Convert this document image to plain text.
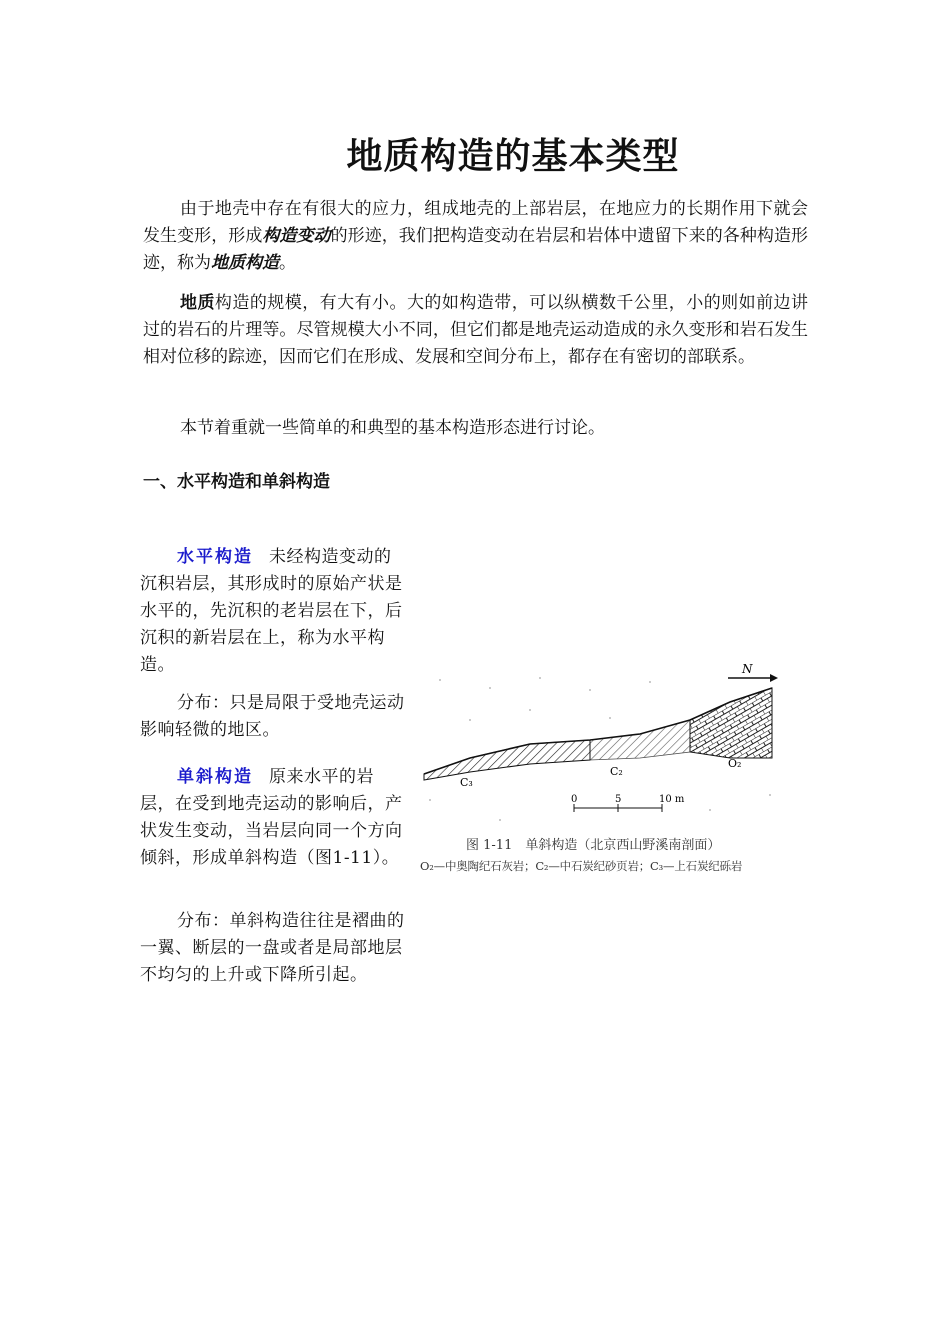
地质构造的基本类型

由于地壳中存在有很大的应力，组成地壳的上部岩层，在地应力的长期作用下就会发生变形，形成构造变动的形迹，我们把构造变动在岩层和岩体中遗留下来的各种构造形迹，称为地质构造。

地质构造的规模，有大有小。大的如构造带，可以纵横数千公里，小的则如前边讲过的岩石的片理等。尽管规模大小不同，但它们都是地壳运动造成的永久变形和岩石发生相对位移的踪迹，因而它们在形成、发展和空间分布上，都存在有密切的部联系。

本节着重就一些简单的和典型的基本构造形态进行讨论。

一、水平构造和单斜构造

水平构造 未经构造变动的沉积岩层，其形成时的原始产状是水平的，先沉积的老岩层在下，后沉积的新岩层在上，称为水平构造。

分布：只是局限于受地壳运动影响轻微的地区。

单斜构造 原来水平的岩层，在受到地壳运动的影响后，产状发生变动，当岩层向同一个方向倾斜，形成单斜构造（图1-11）。

分布：单斜构造往往是褶曲的一翼、断层的一盘或者是局部地层不均匀的上升或下降所引起。

N
C₃
C₂
O₂
0	5	10 m
图 1-11　单斜构造（北京西山野溪南剖面）
O₂—中奥陶纪石灰岩；C₂—中石炭纪砂页岩；C₃—上石炭纪砾岩
